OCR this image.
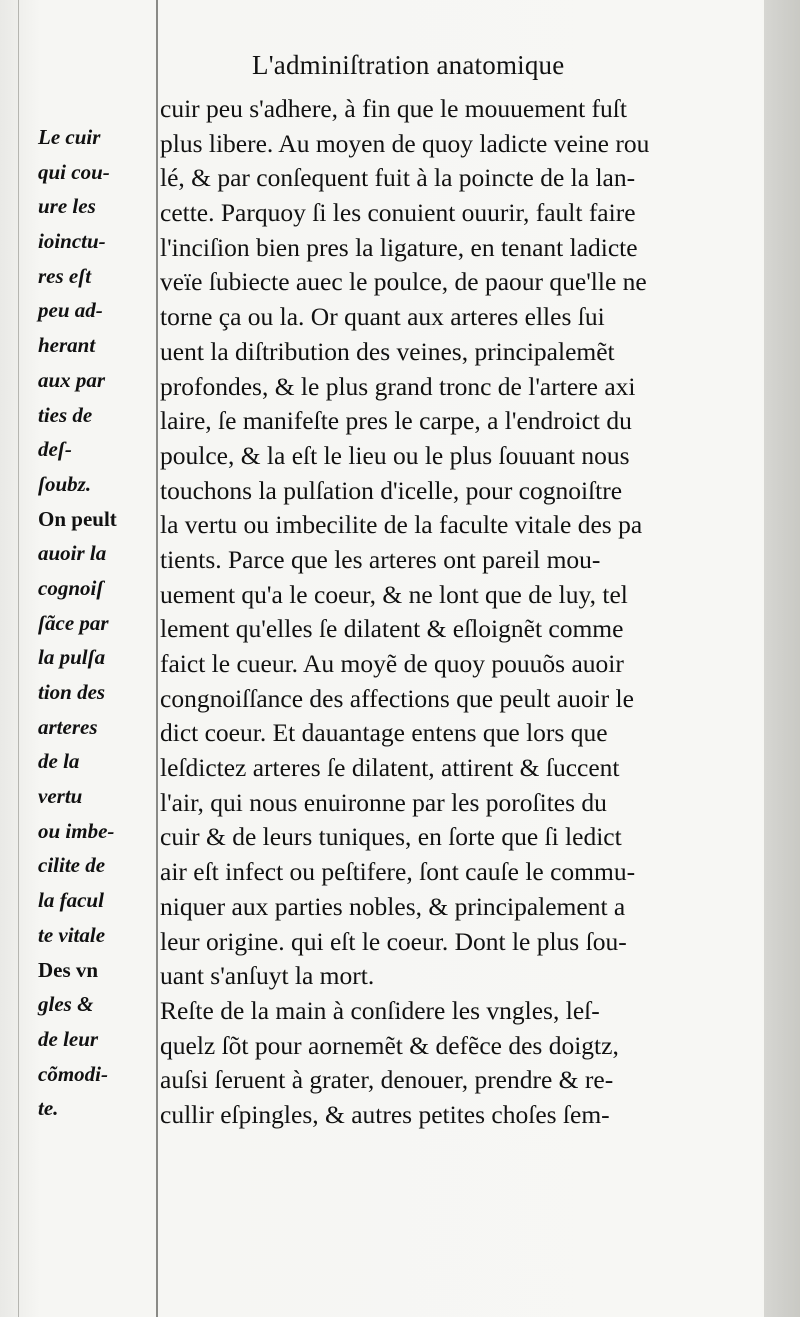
L'adminiſtration anatomique
Le cuir
qui cou-
ure les
ioinctu-
res eſt
peu ad-
herant
aux par
ties de
deſ-
ſoubz.
On peult
auoir la
cognoiſ
ſãce par
la pulſa
tion des
arteres
de la
vertu
ou imbe-
cilite de
la facul
te vitale
Des vn
gles &
de leur
cõmodi-
te.
cuir peu s'adhere, à fin que le mouuement fuſt
plus libere. Au moyen de quoy ladicte veine rou
lé, & par conſequent fuit à la poincte de la lan-
cette. Parquoy ſi les conuient ouurir, fault faire
l'inciſion bien pres la ligature, en tenant ladicte
veïe ſubiecte auec le poulce, de paour que'lle ne
torne ça ou la. Or quant aux arteres elles ſui
uent la diſtribution des veines, principalemẽt
profondes, & le plus grand tronc de l'artere axi
laire, ſe manifeſte pres le carpe, a l'endroict du
poulce, & la eſt le lieu ou le plus ſouuant nous
touchons la pulſation d'icelle, pour cognoiſtre
la vertu ou imbecilite de la faculte vitale des pa
tients. Parce que les arteres ont pareil mou-
uement qu'a le coeur, & ne lont que de luy, tel
lement qu'elles ſe dilatent & eſloignẽt comme
faict le cueur. Au moyẽ de quoy pouuõs auoir
congnoiſſance des affections que peult auoir le
dict coeur. Et dauantage entens que lors que
leſdictez arteres ſe dilatent, attirent & ſuccent
l'air, qui nous enuironne par les poroſites du
cuir & de leurs tuniques, en ſorte que ſi ledict
air eſt infect ou peſtifere, ſont cauſe le commu-
niquer aux parties nobles, & principalement a
leur origine. qui eſt le coeur. Dont le plus ſou-
uant s'anſuyt la mort.
Reſte de la main à conſidere les vngles, leſ-
quelz ſõt pour aornemẽt & defẽce des doigtz,
auſsi ſeruent à grater, denouer, prendre & re-
cullir eſpingles, & autres petites choſes ſem-
